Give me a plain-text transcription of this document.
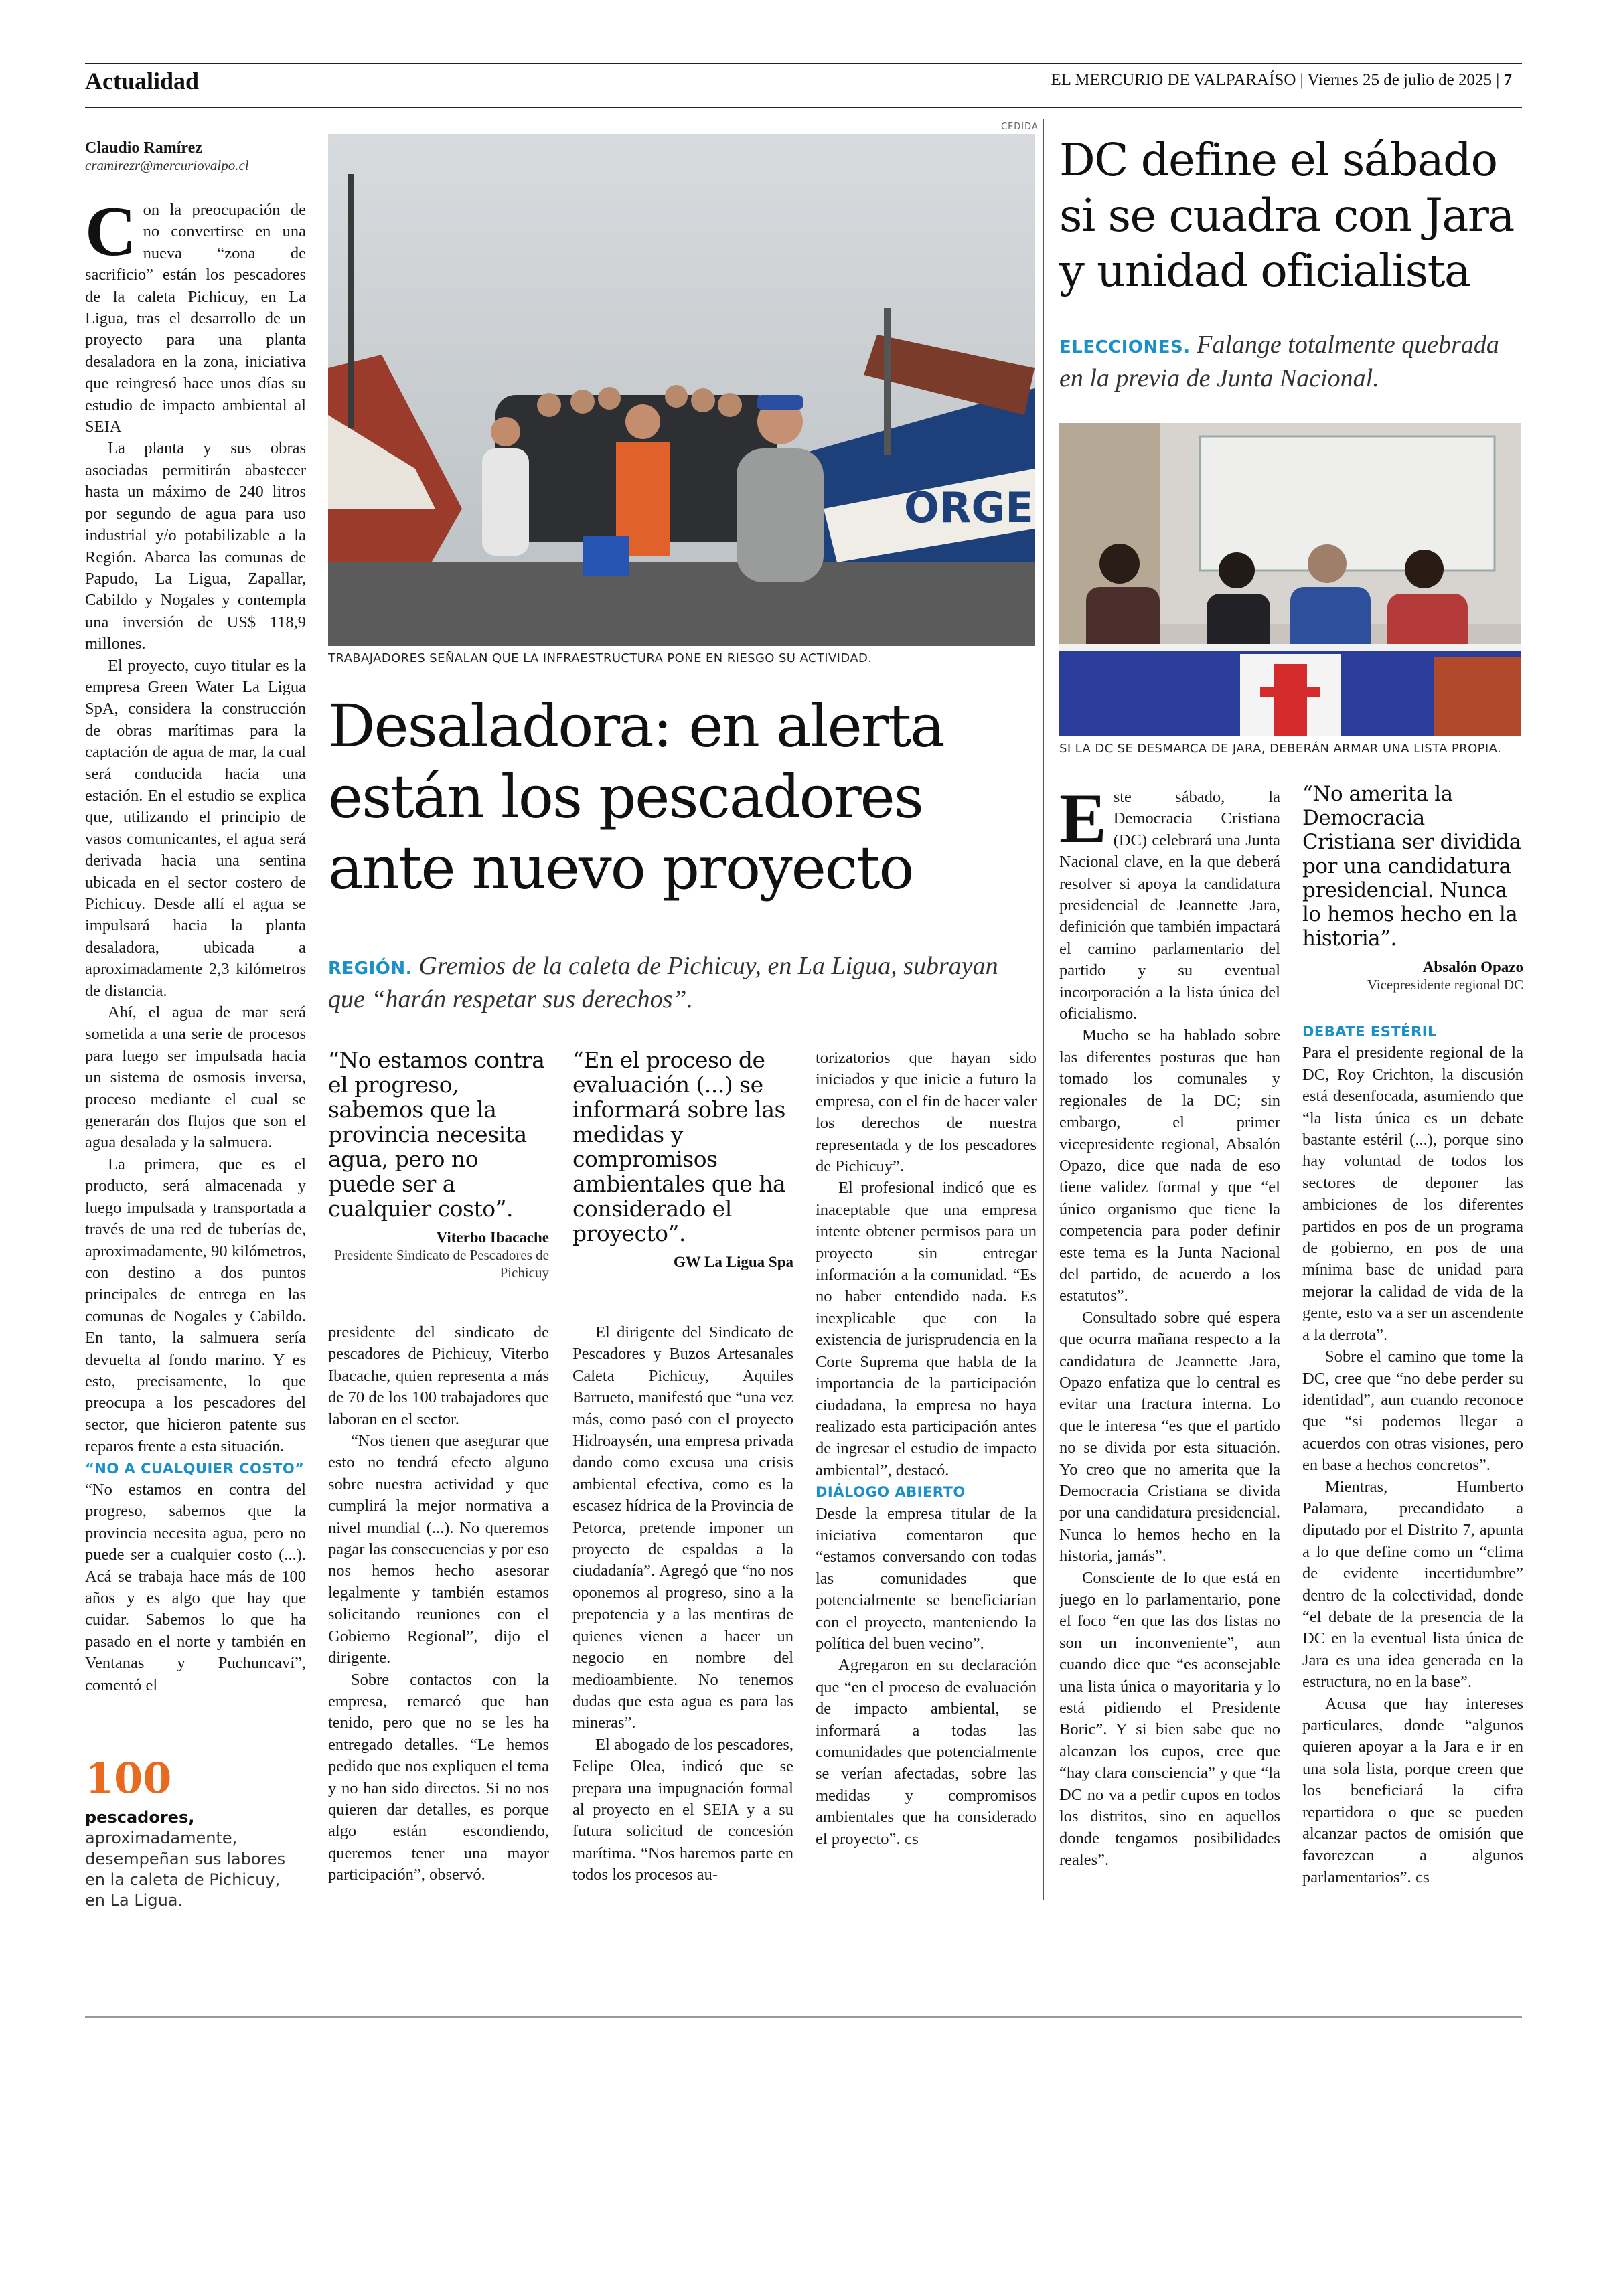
Actualidad	EL MERCURIO DE VALPARAÍSO | Viernes 25 de julio de 2025 | 7
Claudio Ramírez
cramirezr@mercuriovalpo.cl

Con la preocupación de no convertirse en una nueva “zona de sacrificio” están los pescadores de la caleta Pichicuy, en La Ligua, tras el desarrollo de un proyecto para una planta desaladora en la zona, iniciativa que reingresó hace unos días su estudio de impacto ambiental al SEIA

La planta y sus obras asociadas permitirán abastecer hasta un máximo de 240 litros por segundo de agua para uso industrial y/o potabilizable a la Región. Abarca las comunas de Papudo, La Ligua, Zapallar, Cabildo y Nogales y contempla una inversión de US$ 118,9 millones.

El proyecto, cuyo titular es la empresa Green Water La Ligua SpA, considera la construcción de obras marítimas para la captación de agua de mar, la cual será conducida hacia una estación. En el estudio se explica que, utilizando el principio de vasos comunicantes, el agua será derivada hacia una sentina ubicada en el sector costero de Pichicuy. Desde allí el agua se impulsará hacia la planta desaladora, ubicada a aproximadamente 2,3 kilómetros de distancia.

Ahí, el agua de mar será sometida a una serie de procesos para luego ser impulsada hacia un sistema de osmosis inversa, proceso mediante el cual se generarán dos flujos que son el agua desalada y la salmuera.

La primera, que es el producto, será almacenada y luego impulsada y transportada a través de una red de tuberías de, aproximadamente, 90 kilómetros, con destino a dos puntos principales de entrega en las comunas de Nogales y Cabildo. En tanto, la salmuera sería devuelta al fondo marino. Y es esto, precisamente, lo que preocupa a los pescadores del sector, que hicieron patente sus reparos frente a esta situación.

“NO A CUALQUIER COSTO”

“No estamos en contra del progreso, sabemos que la provincia necesita agua, pero no puede ser a cualquier costo (...). Acá se trabaja hace más de 100 años y es algo que hay que cuidar. Sabemos lo que ha pasado en el norte y también en Ventanas y Puchuncaví”, comentó el

100
pescadores, aproximadamente, desempeñan sus labores en la caleta de Pichicuy, en La Ligua.
CEDIDA
ORGE
TRABAJADORES SEÑALAN QUE LA INFRAESTRUCTURA PONE EN RIESGO SU ACTIVIDAD.
Desaladora: en alerta están los pescadores ante nuevo proyecto
REGIÓN. Gremios de la caleta de Pichicuy, en La Ligua, subrayan que “harán respetar sus derechos”.
“No estamos contra el progreso, sabemos que la provincia necesita agua, pero no puede ser a cualquier costo”.
Viterbo Ibacache
Presidente Sindicato de Pescadores de Pichicuy
“En el proceso de evaluación (...) se informará sobre las medidas y compromisos ambientales que ha considerado el proyecto”.
GW La Ligua Spa

presidente del sindicato de pescadores de Pichicuy, Viterbo Ibacache, quien representa a más de 70 de los 100 trabajadores que laboran en el sector.

“Nos tienen que asegurar que esto no tendrá efecto alguno sobre nuestra actividad y que cumplirá la mejor normativa a nivel mundial (...). No queremos pagar las consecuencias y por eso nos hemos hecho asesorar legalmente y también estamos solicitando reuniones con el Gobierno Regional”, dijo el dirigente.

Sobre contactos con la empresa, remarcó que han tenido, pero que no se les ha entregado detalles. “Le hemos pedido que nos expliquen el tema y no han sido directos. Si no nos quieren dar detalles, es porque algo están escondiendo, queremos tener una mayor participación”, observó.

El dirigente del Sindicato de Pescadores y Buzos Artesanales Caleta Pichicuy, Aquiles Barrueto, manifestó que “una vez más, como pasó con el proyecto Hidroaysén, una empresa privada dando como excusa una crisis ambiental efectiva, como es la escasez hídrica de la Provincia de Petorca, pretende imponer un proyecto de espaldas a la ciudadanía”. Agregó que “no nos oponemos al progreso, sino a la prepotencia y a las mentiras de quienes vienen a hacer un negocio en nombre del medioambiente. No tenemos dudas que esta agua es para las mineras”.

El abogado de los pescadores, Felipe Olea, indicó que se prepara una impugnación formal al proyecto en el SEIA y a su futura solicitud de concesión marítima. “Nos haremos parte en todos los procesos au-

torizatorios que hayan sido iniciados y que inicie a futuro la empresa, con el fin de hacer valer los derechos de nuestra representada y de los pescadores de Pichicuy”.

El profesional indicó que es inaceptable que una empresa intente obtener permisos para un proyecto sin entregar información a la comunidad. “Es no haber entendido nada. Es inexplicable que con la existencia de jurisprudencia en la Corte Suprema que habla de la importancia de la participación ciudadana, la empresa no haya realizado esta participación antes de ingresar el estudio de impacto ambiental”, destacó.

DIÁLOGO ABIERTO

Desde la empresa titular de la iniciativa comentaron que “estamos conversando con todas las comunidades que potencialmente se beneficiarían con el proyecto, manteniendo la política del buen vecino”.

Agregaron en su declaración que “en el proceso de evaluación de impacto ambiental, se informará a todas las comunidades que potencialmente se verían afectadas, sobre las medidas y compromisos ambientales que ha considerado el proyecto”. cs

DC define el sábado si se cuadra con Jara y unidad oficialista
ELECCIONES. Falange totalmente quebrada en la previa de Junta Nacional.
SI LA DC SE DESMARCA DE JARA, DEBERÁN ARMAR UNA LISTA PROPIA.

Este sábado, la Democracia Cristiana (DC) celebrará una Junta Nacional clave, en la que deberá resolver si apoya la candidatura presidencial de Jeannette Jara, definición que también impactará el camino parlamentario del partido y su eventual incorporación a la lista única del oficialismo.

Mucho se ha hablado sobre las diferentes posturas que han tomado los comunales y regionales de la DC; sin embargo, el primer vicepresidente regional, Absalón Opazo, dice que nada de eso tiene validez formal y que “el único organismo que tiene la competencia para poder definir este tema es la Junta Nacional del partido, de acuerdo a los estatutos”.

Consultado sobre qué espera que ocurra mañana respecto a la candidatura de Jeannette Jara, Opazo enfatiza que lo central es evitar una fractura interna. Lo que le interesa “es que el partido no se divida por esta situación. Yo creo que no amerita que la Democracia Cristiana se divida por una candidatura presidencial. Nunca lo hemos hecho en la historia, jamás”.

Consciente de lo que está en juego en lo parlamentario, pone el foco “en que las dos listas no son un inconveniente”, aun cuando dice que “es aconsejable una lista única o mayoritaria y lo está pidiendo el Presidente Boric”. Y si bien sabe que no alcanzan los cupos, cree que “hay clara consciencia” y que “la DC no va a pedir cupos en todos los distritos, sino en aquellos donde tengamos posibilidades reales”.

“No amerita la Democracia Cristiana ser dividida por una candidatura presidencial. Nunca lo hemos hecho en la historia”.
Absalón Opazo
Vicepresidente regional DC

DEBATE ESTÉRIL

Para el presidente regional de la DC, Roy Crichton, la discusión está desenfocada, asumiendo que “la lista única es un debate bastante estéril (...), porque sino hay voluntad de todos los sectores de deponer las ambiciones de los diferentes partidos en pos de un programa de gobierno, en pos de una mínima base de unidad para mejorar la calidad de vida de la gente, esto va a ser un ascendente a la derrota”.

Sobre el camino que tome la DC, cree que “no debe perder su identidad”, aun cuando reconoce que “si podemos llegar a acuerdos con otras visiones, pero en base a hechos concretos”.

Mientras, Humberto Palamara, precandidato a diputado por el Distrito 7, apunta a lo que define como un “clima de evidente incertidumbre” dentro de la colectividad, donde “el debate de la presencia de la DC en la eventual lista única de Jara es una idea generada en la estructura, no en la base”.

Acusa que hay intereses particulares, donde “algunos quieren apoyar a la Jara e ir en una sola lista, porque creen que los beneficiará la cifra repartidora o que se pueden alcanzar pactos de omisión que favorezcan a algunos parlamentarios”. cs
